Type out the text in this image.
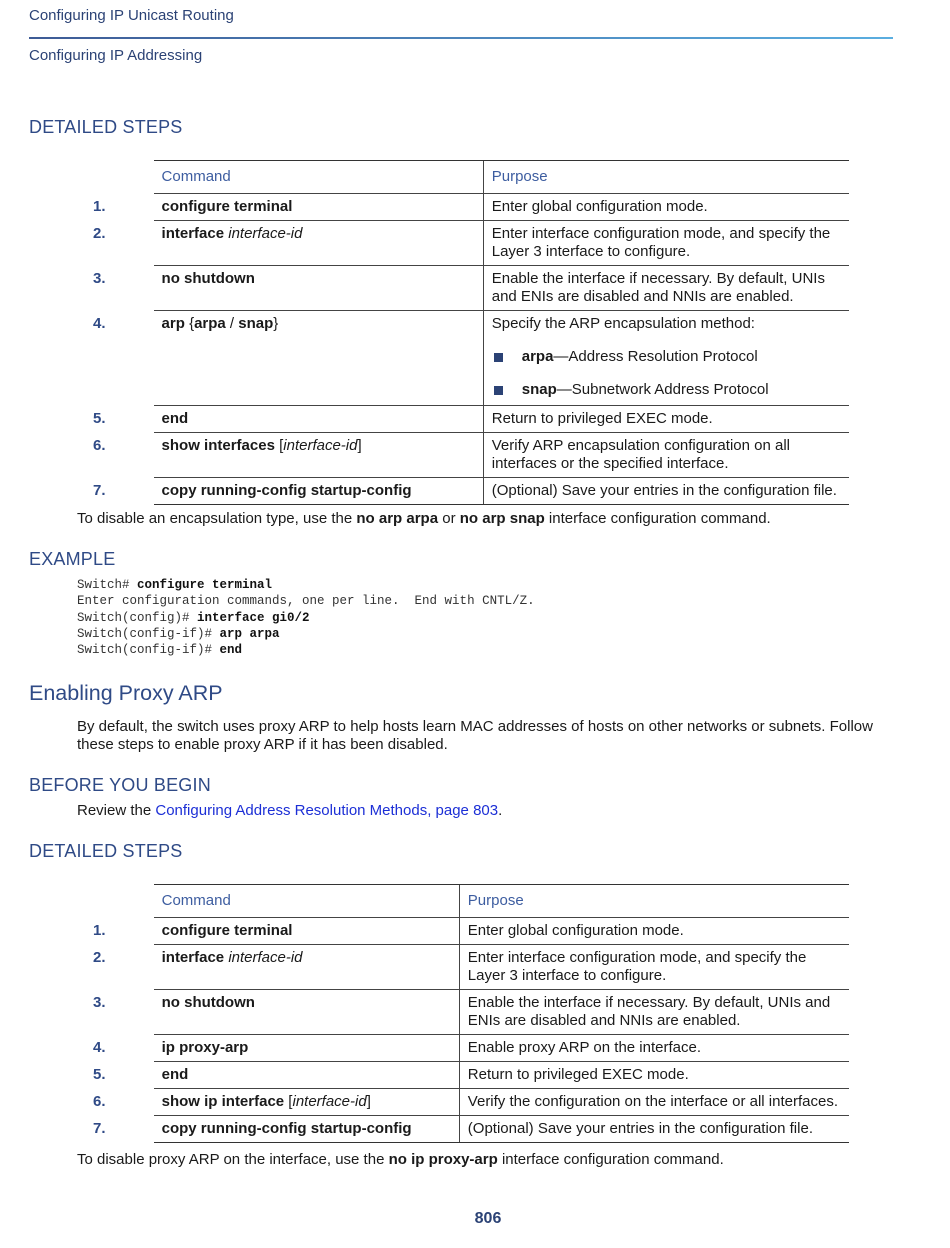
Configuring IP Unicast Routing
Configuring IP Addressing
DETAILED STEPS
	Command	Purpose
1.	configure terminal	Enter global configuration mode.
2.	interface interface-id	Enter interface configuration mode, and specify the Layer 3 interface to configure.
3.	no shutdown	Enable the interface if necessary. By default, UNIs and ENIs are disabled and NNIs are enabled.
4.	arp {arpa / snap}	Specify the ARP encapsulation method:
arpa—Address Resolution Protocol
snap—Subnetwork Address Protocol

5.	end	Return to privileged EXEC mode.
6.	show interfaces [interface-id]	Verify ARP encapsulation configuration on all interfaces or the specified interface.
7.	copy running-config startup-config	(Optional) Save your entries in the configuration file.
To disable an encapsulation type, use the no arp arpa or no arp snap interface configuration command.
EXAMPLE
Switch# configure terminal
Enter configuration commands, one per line.  End with CNTL/Z.
Switch(config)# interface gi0/2
Switch(config-if)# arp arpa
Switch(config-if)# end
Enabling Proxy ARP
By default, the switch uses proxy ARP to help hosts learn MAC addresses of hosts on other networks or subnets. Follow these steps to enable proxy ARP if it has been disabled.
BEFORE YOU BEGIN
Review the Configuring Address Resolution Methods, page 803.
DETAILED STEPS
	Command	Purpose
1.	configure terminal	Enter global configuration mode.
2.	interface interface-id	Enter interface configuration mode, and specify the Layer 3 interface to configure.
3.	no shutdown	Enable the interface if necessary. By default, UNIs and ENIs are disabled and NNIs are enabled.
4.	ip proxy-arp	Enable proxy ARP on the interface.
5.	end	Return to privileged EXEC mode.
6.	show ip interface [interface-id]	Verify the configuration on the interface or all interfaces.
7.	copy running-config startup-config	(Optional) Save your entries in the configuration file.
To disable proxy ARP on the interface, use the no ip proxy-arp interface configuration command.
806
